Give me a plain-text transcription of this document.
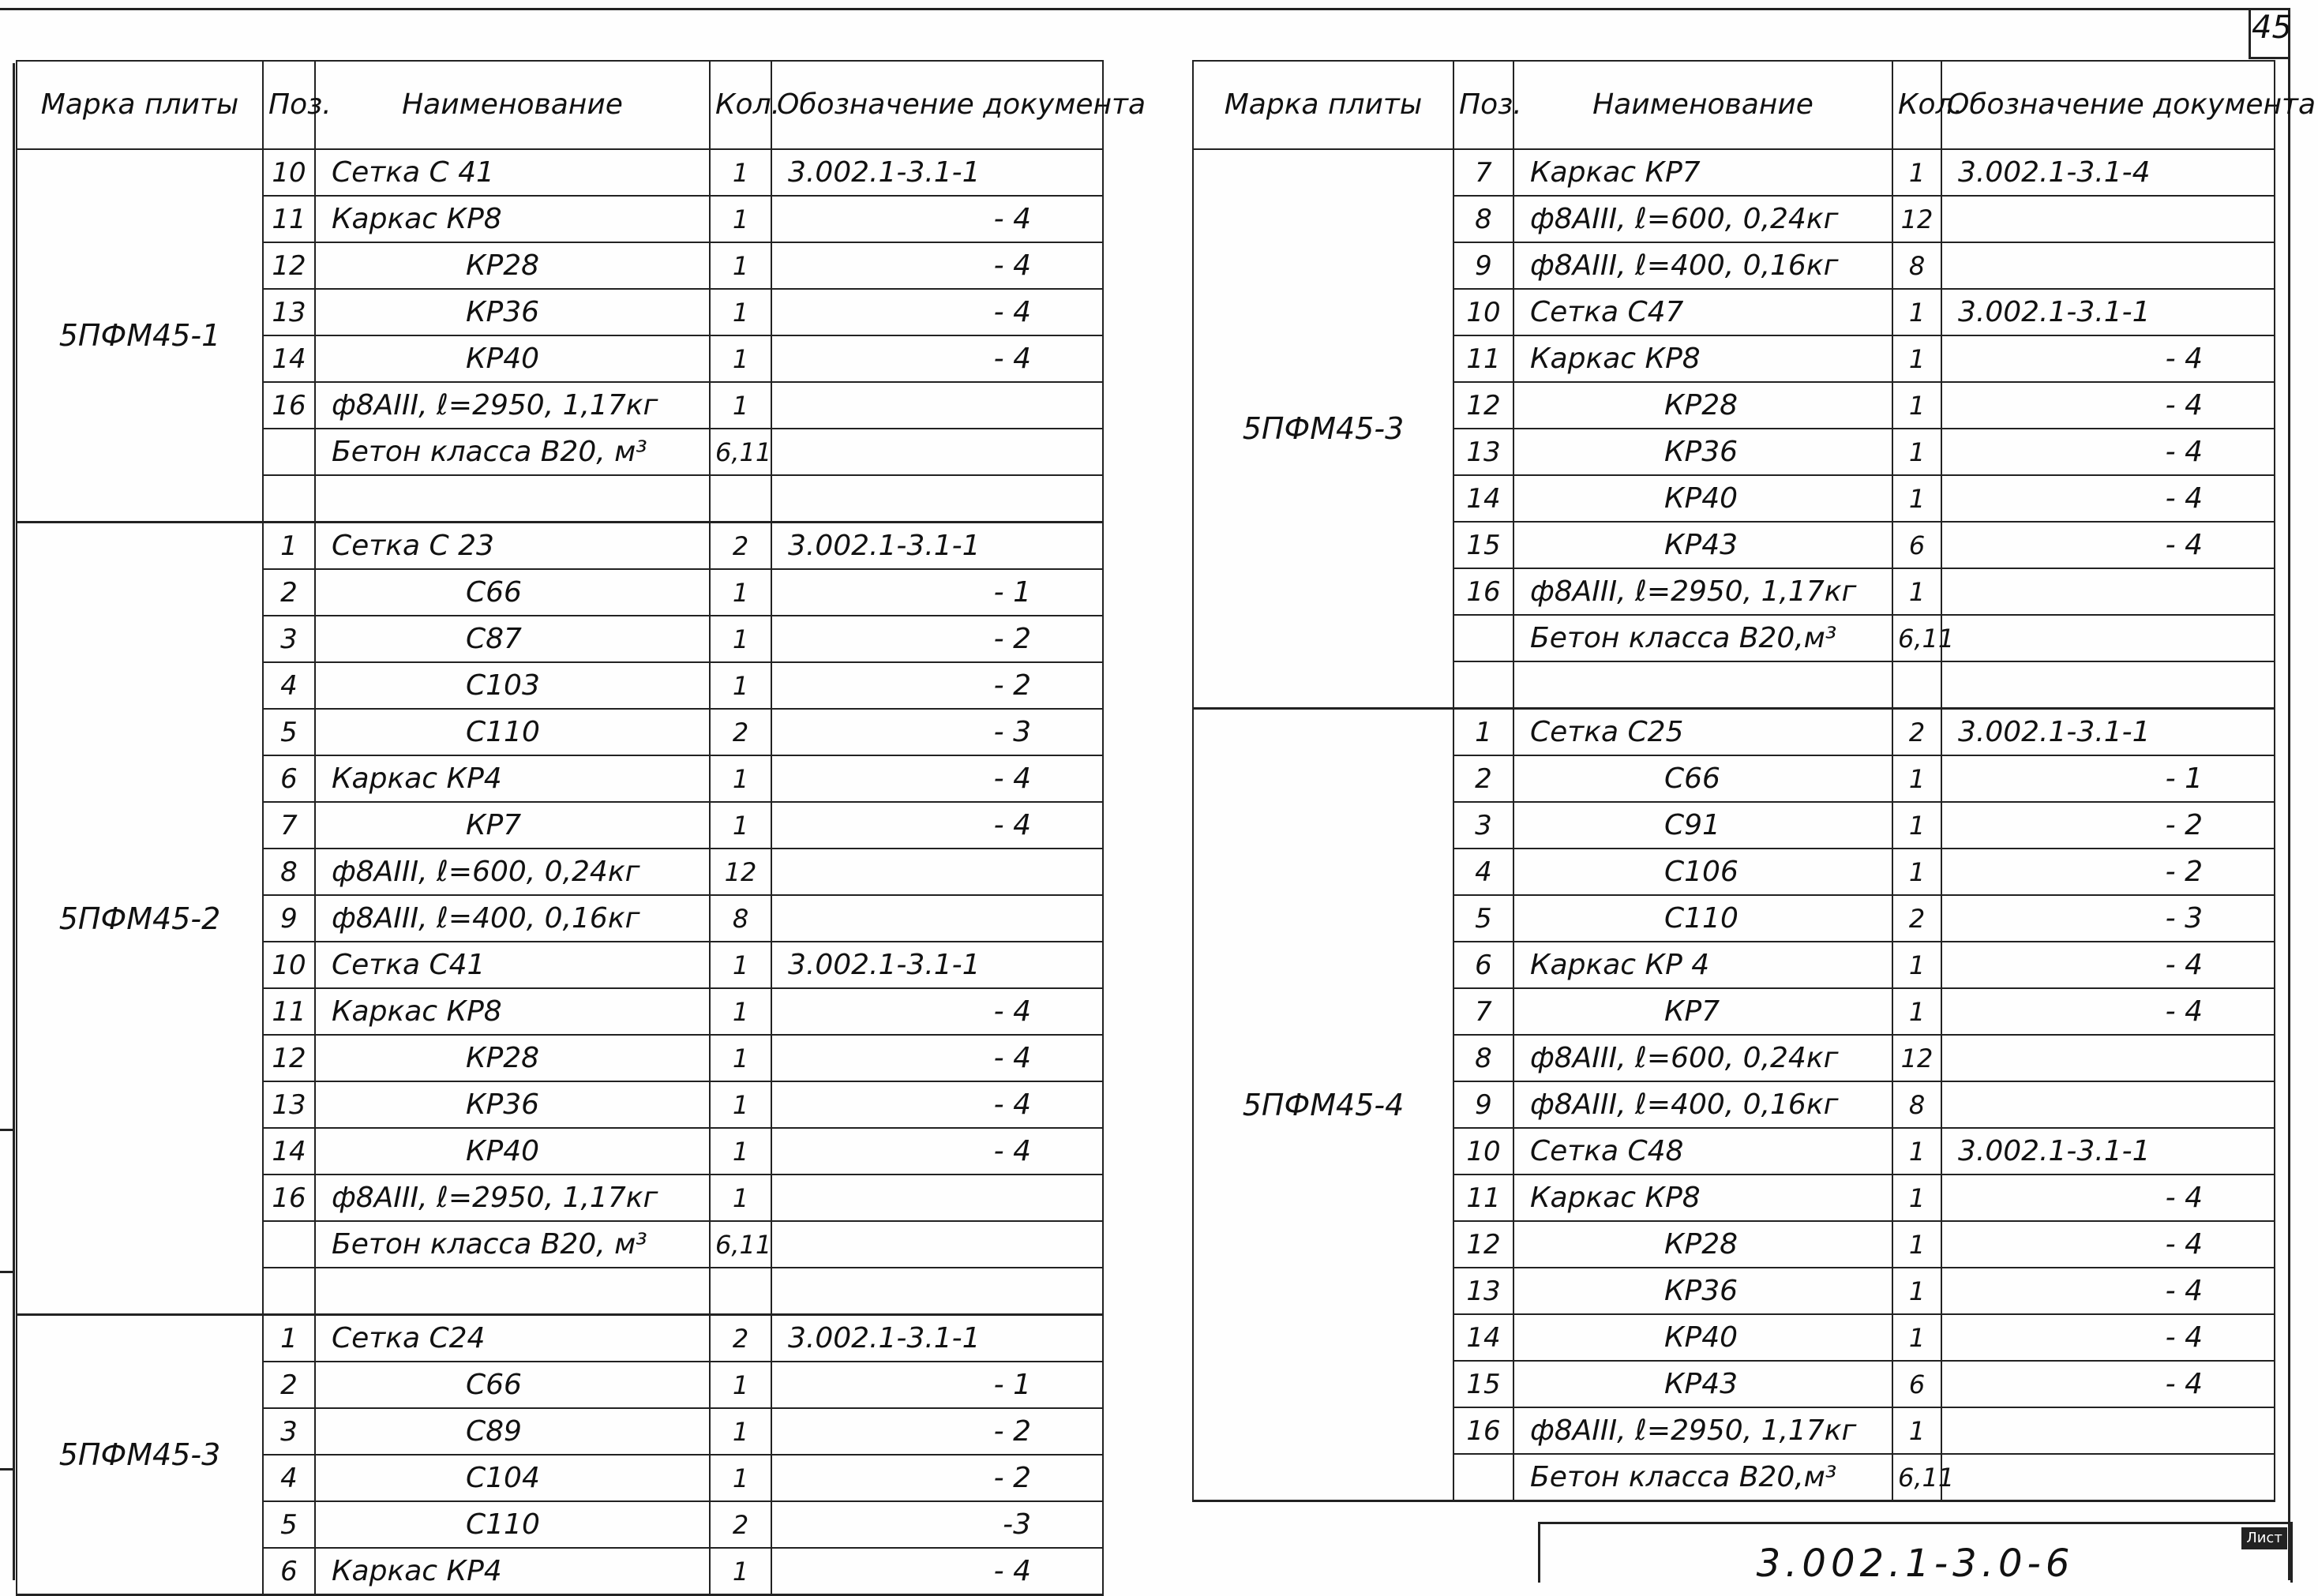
45
Марка плиты	Поз.	Наименование	Кол.	Обозначение документа
5ПФМ45-1	10	Сетка С 41	1	3.002.1-3.1-1
	11	Каркас КР8	1	- 4
	12	КР28	1	- 4
	13	КР36	1	- 4
	14	КР40	1	- 4
	16	ф8АIII, ℓ=2950, 1,17кг	1	
		Бетон класса В20, м³	6,11	

5ПФМ45-2	1	Сетка С 23	2	3.002.1-3.1-1
	2	С66	1	- 1
	3	С87	1	- 2
	4	С103	1	- 2
	5	С110	2	- 3
	6	Каркас КР4	1	- 4
	7	КР7	1	- 4
	8	ф8АIII, ℓ=600, 0,24кг	12	
	9	ф8АIII, ℓ=400, 0,16кг	8	
	10	Сетка С41	1	3.002.1-3.1-1
	11	Каркас КР8	1	- 4
	12	КР28	1	- 4
	13	КР36	1	- 4
	14	КР40	1	- 4
	16	ф8АIII, ℓ=2950, 1,17кг	1	
		Бетон класса В20, м³	6,11	

5ПФМ45-3	1	Сетка С24	2	3.002.1-3.1-1
	2	С66	1	- 1
	3	С89	1	- 2
	4	С104	1	- 2
	5	С110	2	-3
	6	Каркас КР4	1	- 4
Марка плиты	Поз.	Наименование	Кол.	Обозначение документа
5ПФМ45-3	7	Каркас КР7	1	3.002.1-3.1-4
	8	ф8АIII, ℓ=600, 0,24кг	12	
	9	ф8АIII, ℓ=400, 0,16кг	8	
	10	Сетка С47	1	3.002.1-3.1-1
	11	Каркас КР8	1	- 4
	12	КР28	1	- 4
	13	КР36	1	- 4
	14	КР40	1	- 4
	15	КР43	6	- 4
	16	ф8АIII, ℓ=2950, 1,17кг	1	
		Бетон класса В20,м³	6,11	

5ПФМ45-4	1	Сетка С25	2	3.002.1-3.1-1
	2	С66	1	- 1
	3	С91	1	- 2
	4	С106	1	- 2
	5	С110	2	- 3
	6	Каркас КР 4	1	- 4
	7	КР7	1	- 4
	8	ф8АIII, ℓ=600, 0,24кг	12	
	9	ф8АIII, ℓ=400, 0,16кг	8	
	10	Сетка С48	1	3.002.1-3.1-1
	11	Каркас КР8	1	- 4
	12	КР28	1	- 4
	13	КР36	1	- 4
	14	КР40	1	- 4
	15	КР43	6	- 4
	16	ф8АIII, ℓ=2950, 1,17кг	1	
		Бетон класса В20,м³	6,11	
3.002.1-3.0-6
Лист
